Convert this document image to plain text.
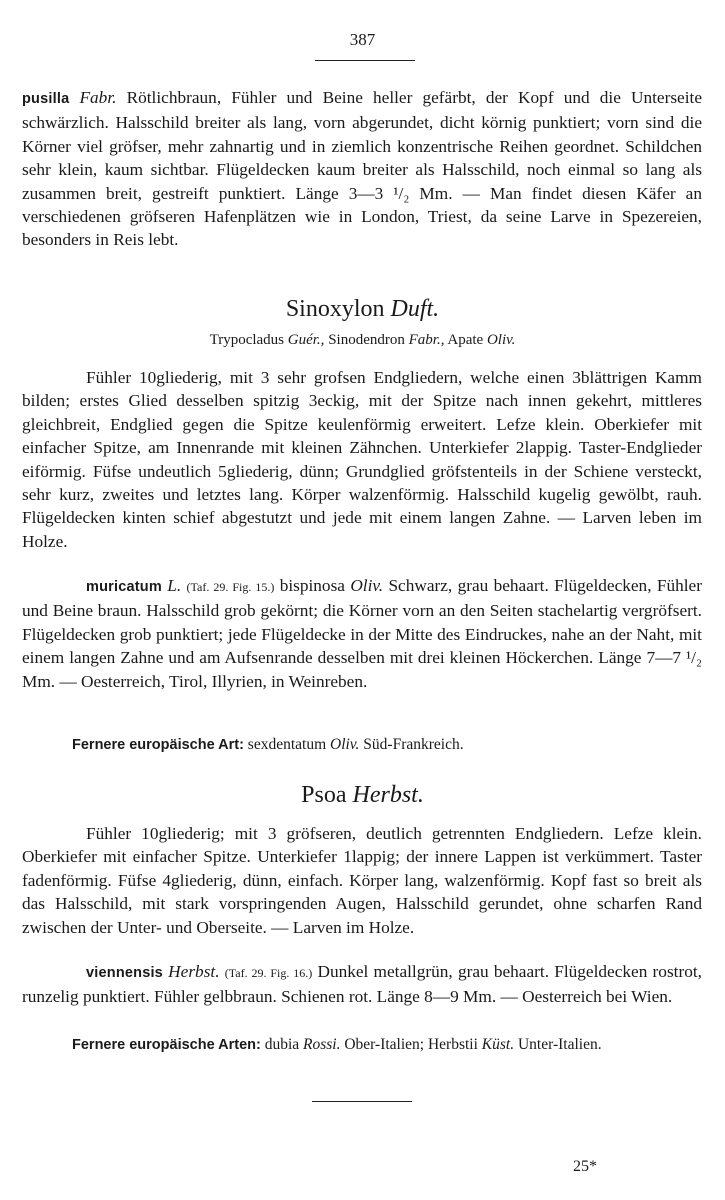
387
pusilla Fabr. Rötlichbraun, Fühler und Beine heller gefärbt, der Kopf und die Unterseite schwärzlich. Halsschild breiter als lang, vorn abgerundet, dicht körnig punktiert; vorn sind die Körner viel gröfser, mehr zahnartig und in ziemlich konzentrische Reihen geordnet. Schildchen sehr klein, kaum sichtbar. Flügeldecken kaum breiter als Halsschild, noch einmal so lang als zusammen breit, gestreift punktiert. Länge 3—3 ¹/₂ Mm. — Man findet diesen Käfer an verschiedenen gröfseren Hafenplätzen wie in London, Triest, da seine Larve in Spezereien, besonders in Reis lebt.
Sinoxylon Duft.
Trypocladus Guér., Sinodendron Fabr., Apate Oliv.
Fühler 10gliederig, mit 3 sehr grofsen Endgliedern, welche einen 3blättrigen Kamm bilden; erstes Glied desselben spitzig 3eckig, mit der Spitze nach innen gekehrt, mittleres gleichbreit, Endglied gegen die Spitze keulenförmig erweitert. Lefze klein. Oberkiefer mit einfacher Spitze, am Innenrande mit kleinen Zähnchen. Unterkiefer 2lappig. Taster-Endglieder eiförmig. Füfse undeutlich 5gliederig, dünn; Grundglied gröfstenteils in der Schiene versteckt, sehr kurz, zweites und letztes lang. Körper walzenförmig. Halsschild kugelig gewölbt, rauh. Flügeldecken kinten schief abgestutzt und jede mit einem langen Zahne. — Larven leben im Holze.
muricatum L. (Taf. 29. Fig. 15.) bispinosa Oliv. Schwarz, grau behaart. Flügeldecken, Fühler und Beine braun. Halsschild grob gekörnt; die Körner vorn an den Seiten stachelartig vergröfsert. Flügeldecken grob punktiert; jede Flügeldecke in der Mitte des Eindruckes, nahe an der Naht, mit einem langen Zahne und am Aufsenrande desselben mit drei kleinen Höckerchen. Länge 7—7 ¹/₂ Mm. — Oesterreich, Tirol, Illyrien, in Weinreben.
Fernere europäische Art: sexdentatum Oliv. Süd-Frankreich.
Psoa Herbst.
Fühler 10gliederig; mit 3 gröfseren, deutlich getrennten Endgliedern. Lefze klein. Oberkiefer mit einfacher Spitze. Unterkiefer 1lappig; der innere Lappen ist verkümmert. Taster fadenförmig. Füfse 4gliederig, dünn, einfach. Körper lang, walzenförmig. Kopf fast so breit als das Halsschild, mit stark vorspringenden Augen, Halsschild gerundet, ohne scharfen Rand zwischen der Unter- und Oberseite. — Larven im Holze.
viennensis Herbst. (Taf. 29. Fig. 16.) Dunkel metallgrün, grau behaart. Flügeldecken rostrot, runzelig punktiert. Fühler gelbbraun. Schienen rot. Länge 8—9 Mm. — Oesterreich bei Wien.
Fernere europäische Arten: dubia Rossi. Ober-Italien; Herbstii Küst. Unter-Italien.
25*
